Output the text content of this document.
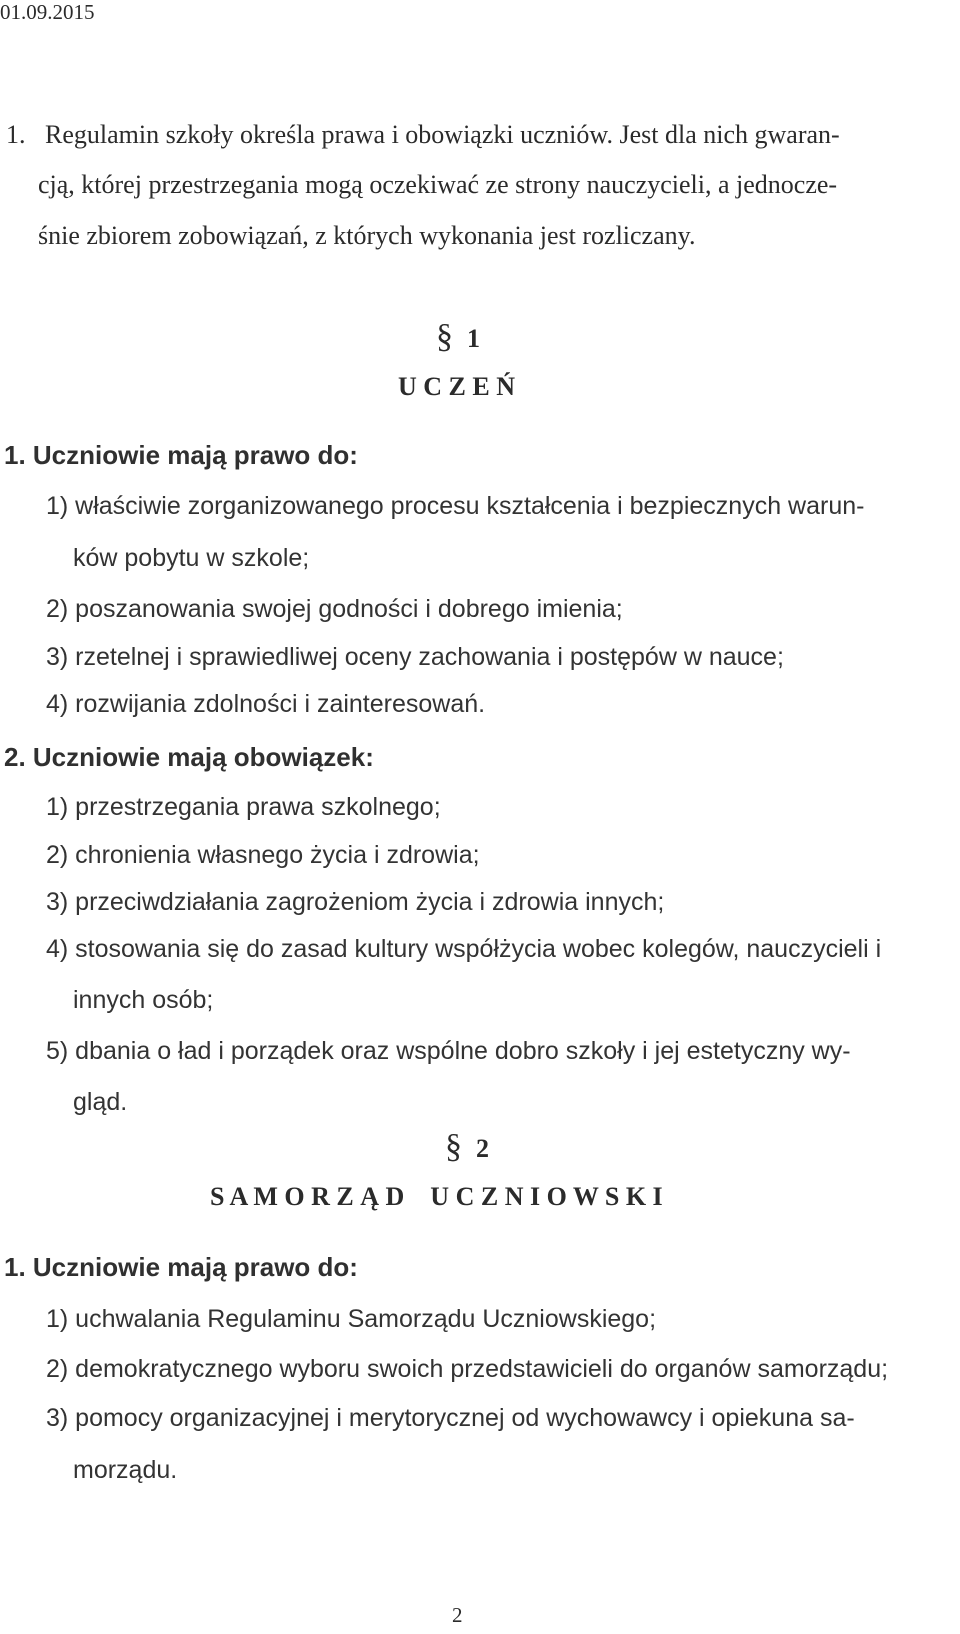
01.09.2015
1.   Regulamin szkoły określa prawa i obowiązki uczniów. Jest dla nich gwaran-
cją, której przestrzegania mogą oczekiwać ze strony nauczycieli, a jednocze-
śnie zbiorem zobowiązań, z których wykonania jest rozliczany.
§ 1
U C Z E Ń
1. Uczniowie mają prawo do:
1) właściwie zorganizowanego procesu kształcenia i bezpiecznych warun-
ków pobytu w szkole;
2) poszanowania swojej godności i dobrego imienia;
3) rzetelnej i sprawiedliwej oceny zachowania i postępów w nauce;
4) rozwijania zdolności i zainteresowań.
2. Uczniowie mają obowiązek:
1) przestrzegania prawa szkolnego;
2) chronienia własnego życia i zdrowia;
3) przeciwdziałania zagrożeniom życia i zdrowia innych;
4) stosowania się do zasad kultury współżycia wobec kolegów, nauczycieli i
innych osób;
5) dbania o ład i porządek oraz wspólne dobro szkoły i jej estetyczny wy-
gląd.
§ 2
S A M O R Z Ą D    U C Z N I O W S K I
1. Uczniowie mają prawo do:
1) uchwalania Regulaminu Samorządu Uczniowskiego;
2) demokratycznego wyboru swoich przedstawicieli do organów samorządu;
3) pomocy organizacyjnej i merytorycznej od wychowawcy i opiekuna sa-
morządu.
2
